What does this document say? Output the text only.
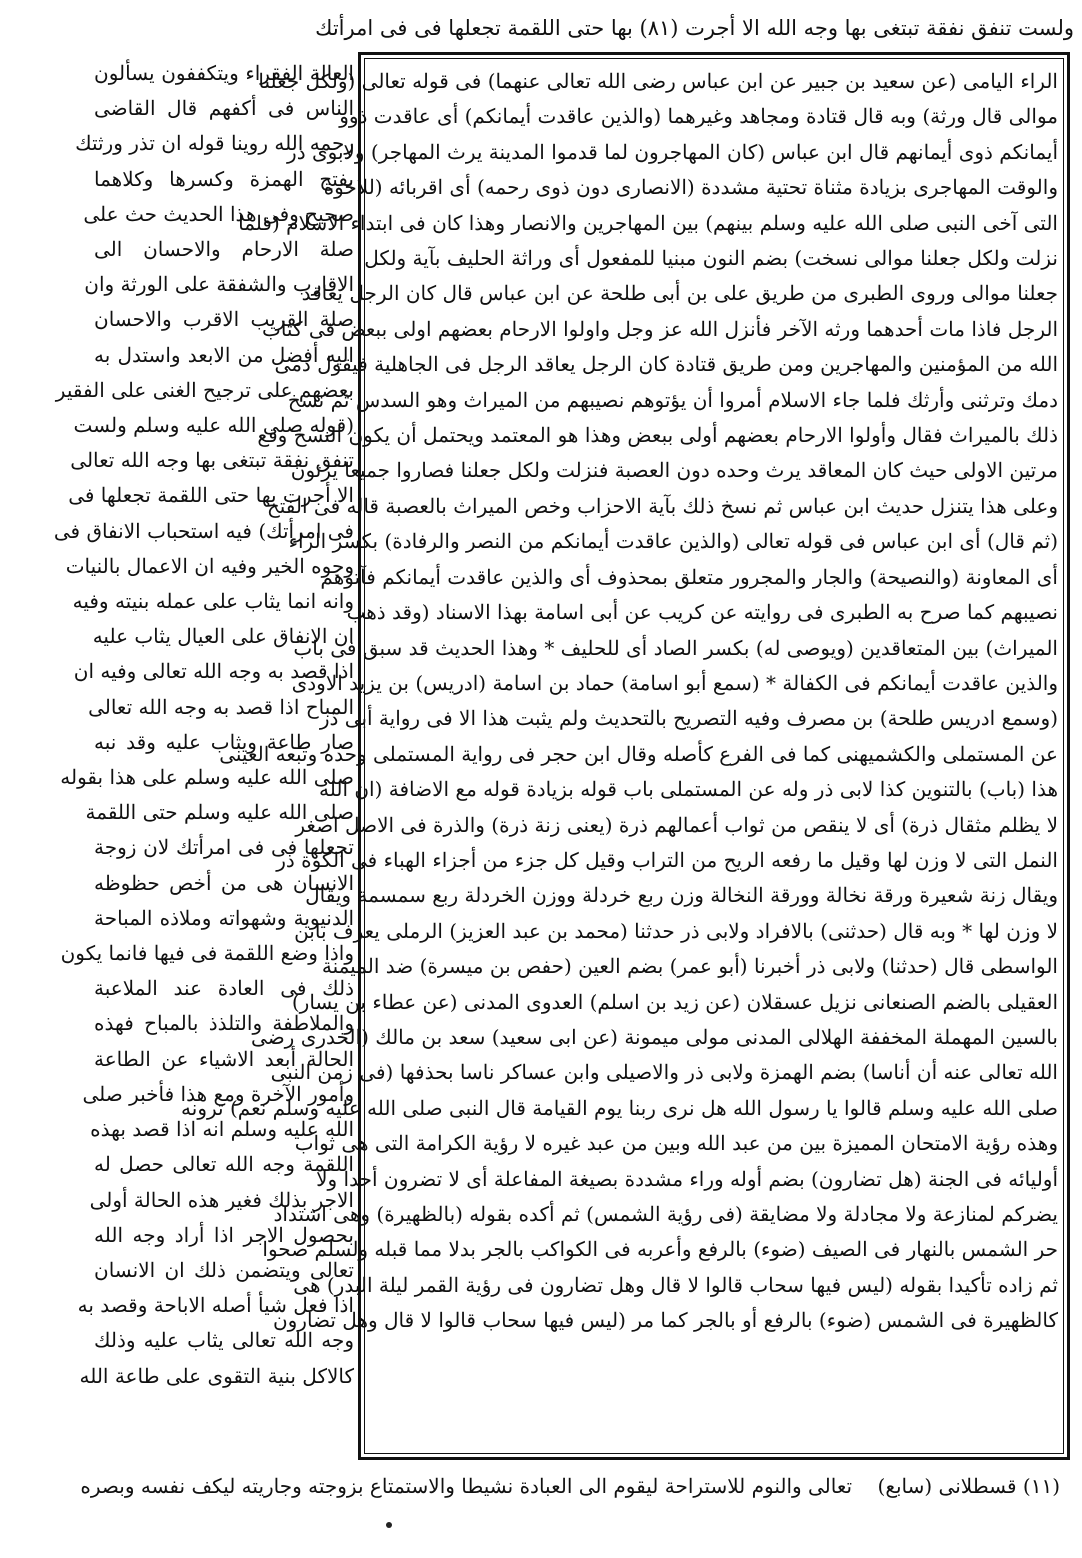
ولست تنفق نفقة تبتغى بها وجه الله الا أجرت (٨١) بها حتى اللقمة تجعلها فى فى امرأتك
الراء اليامى (عن سعيد بن جبير عن ابن عباس رضى الله تعالى عنهما) فى قوله تعالى (ولكل جعلنا
موالى قال ورثة) وبه قال قتادة ومجاهد وغيرهما (والذين عاقدت أيمانكم) أى عاقدت ذوو
أيمانكم ذوى أيمانهم قال ابن عباس (كان المهاجرون لما قدموا المدينة يرث المهاجر) ولابوى ذر
والوقت المهاجرى بزيادة مثناة تحتية مشددة (الانصارى دون ذوى رحمه) أى اقربائه (للاخوة
التى آخى النبى صلى الله عليه وسلم بينهم) بين المهاجرين والانصار وهذا كان فى ابتداء الاسلام (فلما
نزلت ولكل جعلنا موالى نسخت) بضم النون مبنيا للمفعول أى وراثة الحليف بآية ولكل
جعلنا موالى وروى الطبرى من طريق على بن أبى طلحة عن ابن عباس قال كان الرجل يعاقد
الرجل فاذا مات أحدهما ورثه الآخر فأنزل الله عز وجل واولوا الارحام بعضهم اولى ببعض فى كتاب
الله من المؤمنين والمهاجرين ومن طريق قتادة كان الرجل يعاقد الرجل فى الجاهلية فيقول دمى
دمك وترثنى وأرثك فلما جاء الاسلام أمروا أن يؤتوهم نصيبهم من الميراث وهو السدس ثم نسخ
ذلك بالميراث فقال وأولوا الارحام بعضهم أولى ببعض وهذا هو المعتمد ويحتمل أن يكون النسخ وقع
مرتين الاولى حيث كان المعاقد يرث وحده دون العصبة فنزلت ولكل جعلنا فصاروا جميعا يرثون
وعلى هذا يتنزل حديث ابن عباس ثم نسخ ذلك بآية الاحزاب وخص الميراث بالعصبة قاله فى الفتح
(ثم قال) أى ابن عباس فى قوله تعالى (والذين عاقدت أيمانكم من النصر والرفادة) بكسر الراء
أى المعاونة (والنصيحة) والجار والمجرور متعلق بمحذوف أى والذين عاقدت أيمانكم فآتوهم
نصيبهم كما صرح به الطبرى فى روايته عن كريب عن أبى اسامة بهذا الاسناد (وقد ذهب
الميراث) بين المتعاقدين (ويوصى له) بكسر الصاد أى للحليف * وهذا الحديث قد سبق فى باب
والذين عاقدت أيمانكم فى الكفالة * (سمع أبو اسامة) حماد بن اسامة (ادريس) بن يزيد الاودى
(وسمع ادريس طلحة) بن مصرف وفيه التصريح بالتحديث ولم يثبت هذا الا فى رواية أبى ذر
عن المستملى والكشميهنى كما فى الفرع كأصله وقال ابن حجر فى رواية المستملى وحده وتبعه العينى
هذا (باب) بالتنوين كذا لابى ذر وله عن المستملى باب قوله بزيادة قوله مع الاضافة (ان الله
لا يظلم مثقال ذرة) أى لا ينقص من ثواب أعمالهم ذرة (يعنى زنة ذرة) والذرة فى الاصل اصغر
النمل التى لا وزن لها وقيل ما رفعه الريح من التراب وقيل كل جزء من أجزاء الهباء فى الكوة ذر
ويقال زنة شعيرة ورقة نخالة وورقة النخالة وزن ربع خردلة ووزن الخردلة ربع سمسمة ويقال
لا وزن لها * وبه قال (حدثنى) بالافراد ولابى ذر حدثنا (محمد بن عبد العزيز) الرملى يعرف بابن
الواسطى قال (حدثنا) ولابى ذر أخبرنا (أبو عمر) بضم العين (حفص بن ميسرة) ضد الميمنة
العقيلى بالضم الصنعانى نزيل عسقلان (عن زيد بن اسلم) العدوى المدنى (عن عطاء بن يسار)
بالسين المهملة المخففة الهلالى المدنى مولى ميمونة (عن ابى سعيد) سعد بن مالك (الخدرى رضى
الله تعالى عنه أن أناسا) بضم الهمزة ولابى ذر والاصيلى وابن عساكر ناسا بحذفها (فى زمن النبى
صلى الله عليه وسلم قالوا يا رسول الله هل نرى ربنا يوم القيامة قال النبى صلى الله عليه وسلم نعم) ترونه
وهذه رؤية الامتحان المميزة بين من عبد الله وبين من عبد غيره لا رؤية الكرامة التى هى ثواب
أوليائه فى الجنة (هل تضارون) بضم أوله وراء مشددة بصيغة المفاعلة أى لا تضرون أحدا ولا
يضركم لمنازعة ولا مجادلة ولا مضايقة (فى رؤية الشمس) ثم أكده بقوله (بالظهيرة) وهى اشتداد
حر الشمس بالنهار فى الصيف (ضوء) بالرفع وأعربه فى الكواكب بالجر بدلا مما قبله ولسلم صحوا
ثم زاده تأكيدا بقوله (ليس فيها سحاب قالوا لا قال وهل تضارون فى رؤية القمر ليلة البدر) هى
كالظهيرة فى الشمس (ضوء) بالرفع أو بالجر كما مر (ليس فيها سحاب قالوا لا قال وهل تضارون
العالة الفقراء ويتكففون يسألون
الناس فى أكفهم قال القاضى
رحمه الله روينا قوله ان تذر ورثتك
بفتح الهمزة وكسرها وكلاهما
صحيح وفى هذا الحديث حث على
صلة الارحام والاحسان الى
الاقارب والشفقة على الورثة وان
صلة القريب الاقرب والاحسان
اليه أفضل من الابعد واستدل به
بعضهم على ترجيح الغنى على الفقير
(قوله صلى الله عليه وسلم ولست
تنفق نفقة تبتغى بها وجه الله تعالى
الا أجرت بها حتى اللقمة تجعلها فى
فى امرأتك) فيه استحباب الانفاق فى
وجوه الخير وفيه ان الاعمال بالنيات
وانه انما يثاب على عمله بنيته وفيه
ان الانفاق على العيال يثاب عليه
اذا قصد به وجه الله تعالى وفيه ان
المباح اذا قصد به وجه الله تعالى
صار طاعة ويثاب عليه وقد نبه
صلى الله عليه وسلم على هذا بقوله
صلى الله عليه وسلم حتى اللقمة
تجعلها فى فى امرأتك لان زوجة
الانسان هى من أخص حظوظه
الدنيوية وشهواته وملاذه المباحة
واذا وضع اللقمة فى فيها فانما يكون
ذلك فى العادة عند الملاعبة
والملاطفة والتلذذ بالمباح فهذه
الحالة أبعد الاشياء عن الطاعة
وأمور الآخرة ومع هذا فأخبر صلى
الله عليه وسلم انه اذا قصد بهذه
اللقمة وجه الله تعالى حصل له
الاجر بذلك فغير هذه الحالة أولى
بحصول الاجر اذا أراد وجه الله
تعالى ويتضمن ذلك ان الانسان
اذا فعل شيأ أصله الاباحة وقصد به
وجه الله تعالى يثاب عليه وذلك
كالاكل بنية التقوى على طاعة الله
(١١) قسطلانى (سابع)    تعالى والنوم للاستراحة ليقوم الى العبادة نشيطا والاستمتاع بزوجته وجاريته ليكف نفسه وبصره
